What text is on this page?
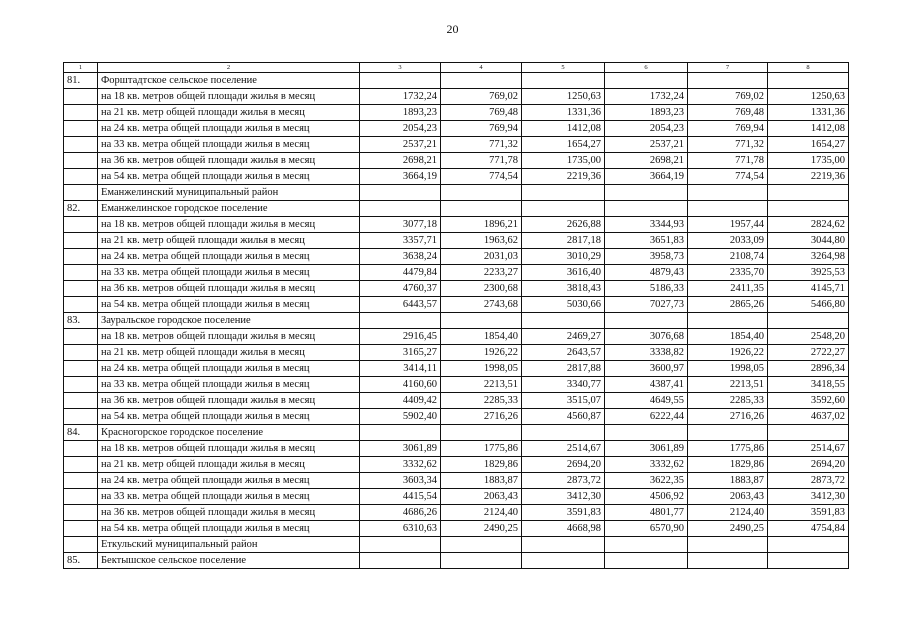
20
1	2	3	4	5	6	7	8
81.	Форштадтское сельское поселение						
	на 18 кв. метров общей площади жилья в месяц	1732,24	769,02	1250,63	1732,24	769,02	1250,63
	на 21 кв. метр общей площади жилья в месяц	1893,23	769,48	1331,36	1893,23	769,48	1331,36
	на 24 кв. метра общей площади жилья в месяц	2054,23	769,94	1412,08	2054,23	769,94	1412,08
	на 33 кв. метра общей площади жилья в месяц	2537,21	771,32	1654,27	2537,21	771,32	1654,27
	на 36 кв. метров общей площади жилья в месяц	2698,21	771,78	1735,00	2698,21	771,78	1735,00
	на 54 кв. метра общей площади жилья в месяц	3664,19	774,54	2219,36	3664,19	774,54	2219,36
	Еманжелинский муниципальный район						
82.	Еманжелинское городское поселение						
	на 18 кв. метров общей площади жилья в месяц	3077,18	1896,21	2626,88	3344,93	1957,44	2824,62
	на 21 кв. метр общей площади жилья в месяц	3357,71	1963,62	2817,18	3651,83	2033,09	3044,80
	на 24 кв. метра общей площади жилья в месяц	3638,24	2031,03	3010,29	3958,73	2108,74	3264,98
	на 33 кв. метра общей площади жилья в месяц	4479,84	2233,27	3616,40	4879,43	2335,70	3925,53
	на 36 кв. метров общей площади жилья в месяц	4760,37	2300,68	3818,43	5186,33	2411,35	4145,71
	на 54 кв. метра общей площади жилья в месяц	6443,57	2743,68	5030,66	7027,73	2865,26	5466,80
83.	Зауральское городское поселение						
	на 18 кв. метров общей площади жилья в месяц	2916,45	1854,40	2469,27	3076,68	1854,40	2548,20
	на 21 кв. метр общей площади жилья в месяц	3165,27	1926,22	2643,57	3338,82	1926,22	2722,27
	на 24 кв. метра общей площади жилья в месяц	3414,11	1998,05	2817,88	3600,97	1998,05	2896,34
	на 33 кв. метра общей площади жилья в месяц	4160,60	2213,51	3340,77	4387,41	2213,51	3418,55
	на 36 кв. метров общей площади жилья в месяц	4409,42	2285,33	3515,07	4649,55	2285,33	3592,60
	на 54 кв. метра общей площади жилья в месяц	5902,40	2716,26	4560,87	6222,44	2716,26	4637,02
84.	Красногорское городское поселение						
	на 18 кв. метров общей площади жилья в месяц	3061,89	1775,86	2514,67	3061,89	1775,86	2514,67
	на 21 кв. метр общей площади жилья в месяц	3332,62	1829,86	2694,20	3332,62	1829,86	2694,20
	на 24 кв. метра общей площади жилья в месяц	3603,34	1883,87	2873,72	3622,35	1883,87	2873,72
	на 33 кв. метра общей площади жилья в месяц	4415,54	2063,43	3412,30	4506,92	2063,43	3412,30
	на 36 кв. метров общей площади жилья в месяц	4686,26	2124,40	3591,83	4801,77	2124,40	3591,83
	на 54 кв. метра общей площади жилья в месяц	6310,63	2490,25	4668,98	6570,90	2490,25	4754,84
	Еткульский муниципальный район						
85.	Бектышское сельское поселение						
